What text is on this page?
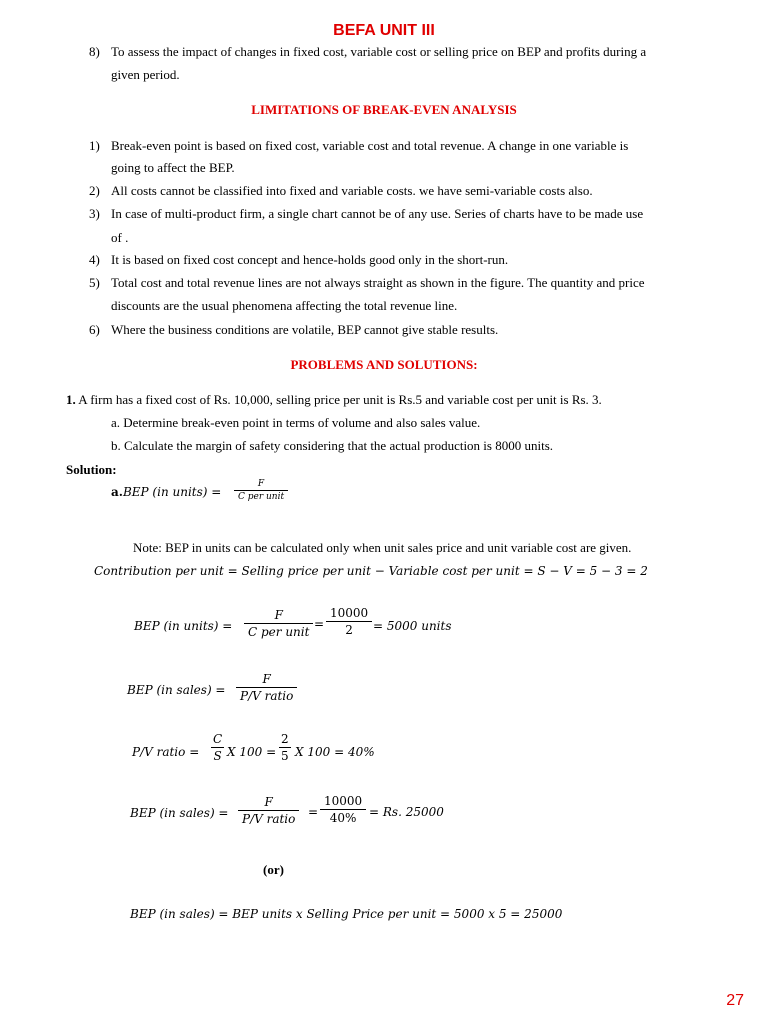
BEFA UNIT III
8) To assess the impact of changes in fixed cost, variable cost or selling price on BEP and profits during a
given period.
LIMITATIONS OF BREAK-EVEN ANALYSIS
1) Break-even point is based on fixed cost, variable cost and total revenue. A change in one variable is
going to affect the BEP.
2) All costs cannot be classified into fixed and variable costs. we have semi-variable costs also.
3) In case of multi-product firm, a single chart cannot be of any use. Series of charts have to be made use
of .
4) It is based on fixed cost concept and hence-holds good only in the short-run.
5) Total cost and total revenue lines are not always straight as shown in the figure. The quantity and price
discounts are the usual phenomena affecting the total revenue line.
6) Where the business conditions are volatile, BEP cannot give stable results.
PROBLEMS AND SOLUTIONS:
1. A firm has a fixed cost of Rs. 10,000, selling price per unit is Rs.5 and variable cost per unit is Rs. 3.
a. Determine break-even point in terms of volume and also sales value.
b. Calculate the margin of safety considering that the actual production is 8000 units.
Solution:
a.BEP (in units) =
F
C per unit
Note: BEP in units can be calculated only when unit sales price and unit variable cost are given.
Contribution per unit = Selling price per unit − Variable cost per unit = S − V = 5 − 3 = 2
BEP (in units) =
F
C per unit
=
10000
2	= 5000 units
BEP (in sales) =
F
P/V ratio
P/V ratio =
C
S X 100 =
2
5 X 100 = 40%
BEP (in sales) =
F
P/V ratio	=
10000
40%	= Rs. 25000
(or)
BEP (in sales) = BEP units x Selling Price per unit = 5000 x 5 = 25000
27
